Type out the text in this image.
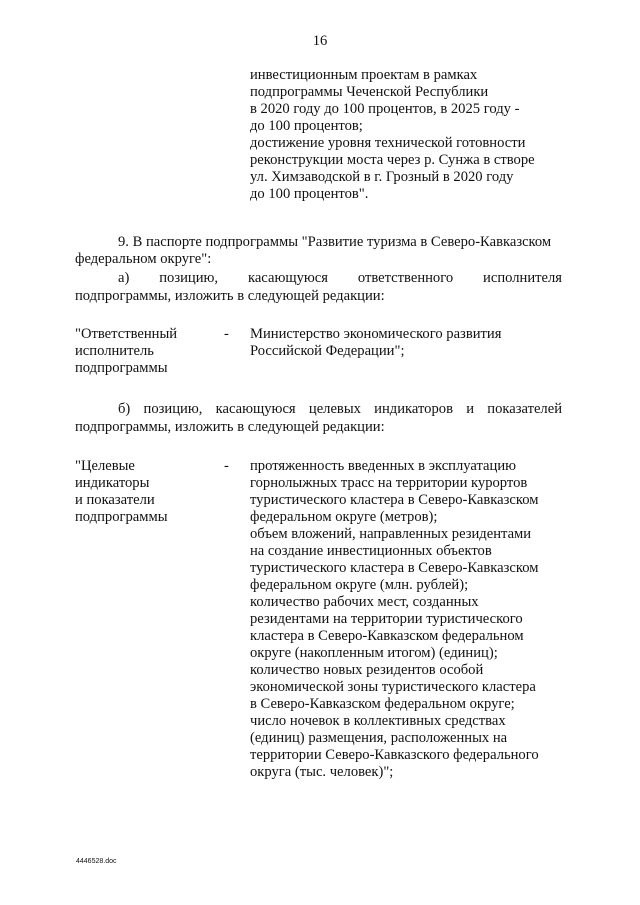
16
инвестиционным проектам в рамках
подпрограммы Чеченской Республики
в 2020 году до 100 процентов, в 2025 году -
до 100 процентов;
достижение уровня технической готовности
реконструкции моста через р. Сунжа в створе
ул. Химзаводской в г. Грозный в 2020 году
до 100 процентов".
9. В паспорте подпрограммы "Развитие туризма в Северо-Кавказском
федеральном округе":
а) позицию, касающуюся ответственного исполнителя
подпрограммы, изложить в следующей редакции:
"Ответственный
исполнитель
подпрограммы
-	Министерство экономического развития
Российской Федерации";
б) позицию, касающуюся целевых индикаторов и показателей
подпрограммы, изложить в следующей редакции:
"Целевые
индикаторы
и показатели
подпрограммы
-	протяженность введенных в эксплуатацию
горнолыжных трасс на территории курортов
туристического кластера в Северо-Кавказском
федеральном округе (метров);
объем вложений, направленных резидентами
на создание инвестиционных объектов
туристического кластера в Северо-Кавказском
федеральном округе (млн. рублей);
количество рабочих мест, созданных
резидентами на территории туристического
кластера в Северо-Кавказском федеральном
округе (накопленным итогом) (единиц);
количество новых резидентов особой
экономической зоны туристического кластера
в Северо-Кавказском федеральном округе;
число ночевок в коллективных средствах
(единиц) размещения, расположенных на
территории Северо-Кавказского федерального
округа (тыс. человек)";
4446528.doc
